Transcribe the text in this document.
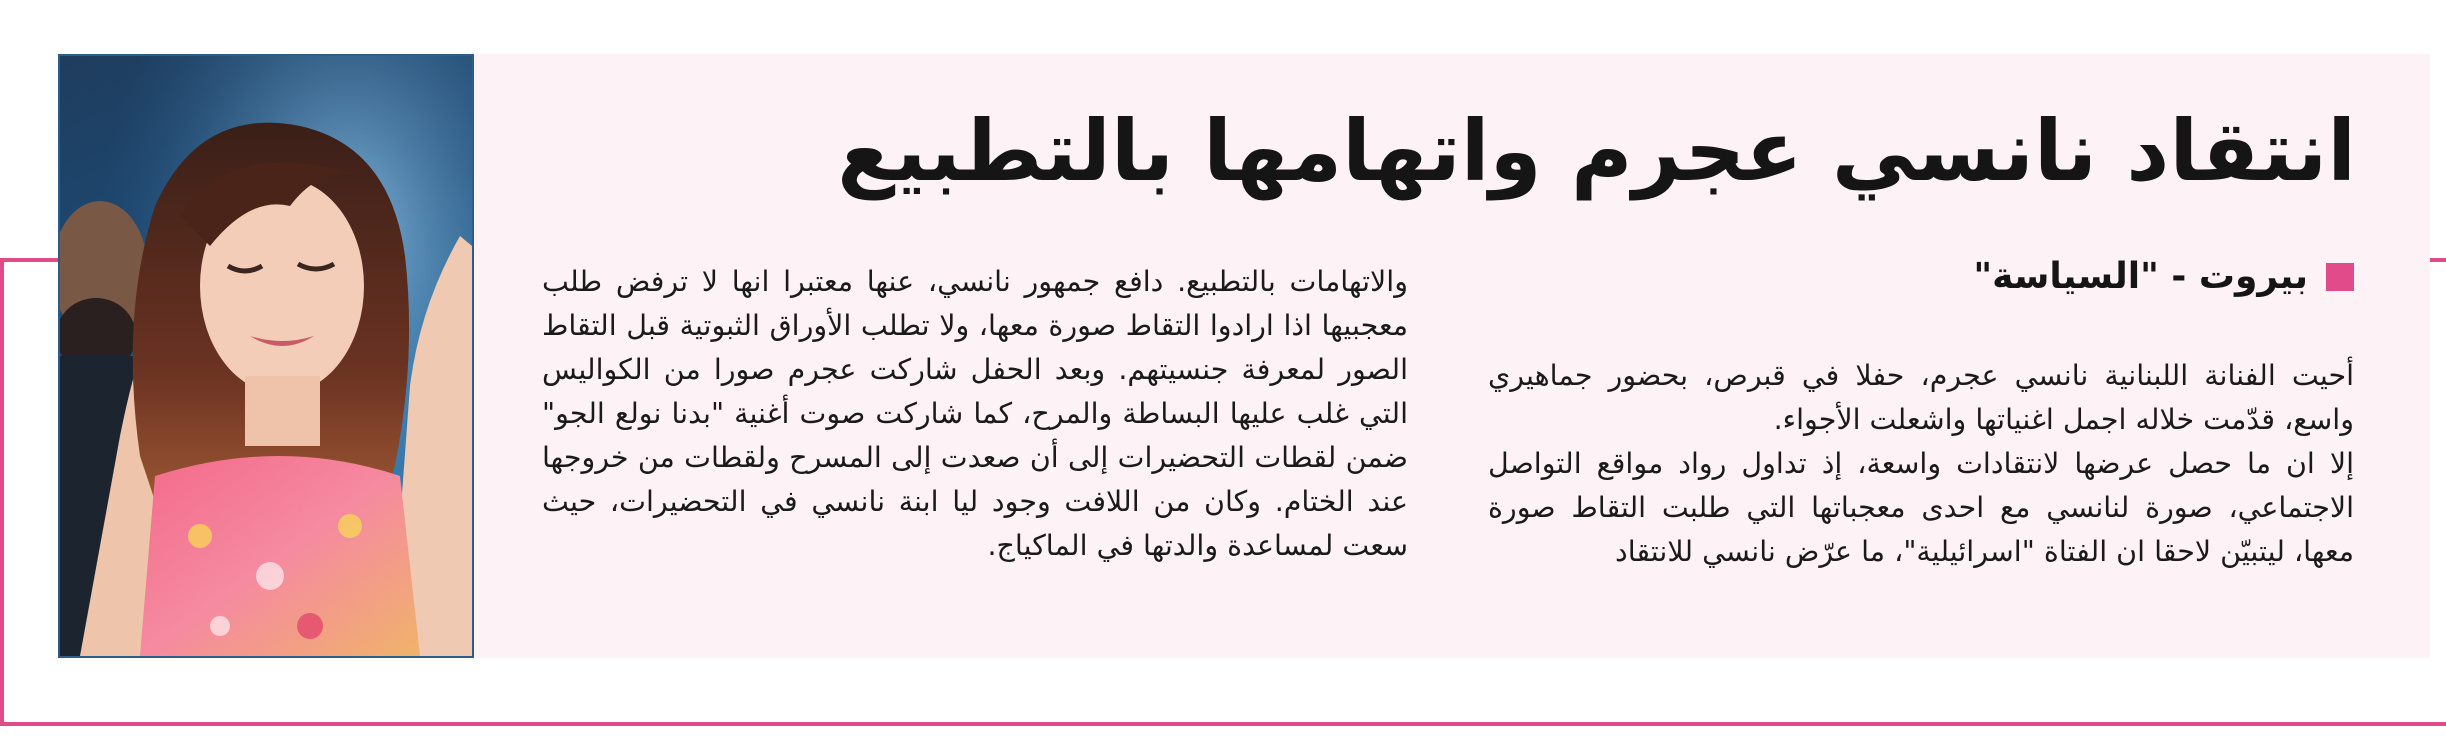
انتقاد نانسي عجرم واتهامها بالتطبيع
بيروت - "السياسة"

أحيت الفنانة اللبنانية نانسي عجرم، حفلا في قبرص، بحضور جماهيري واسع، قدّمت خلاله اجمل اغنياتها واشعلت الأجواء.

إلا ان ما حصل عرضها لانتقادات واسعة، إذ تداول رواد مواقع التواصل الاجتماعي، صورة لنانسي مع احدى معجباتها التي طلبت التقاط صورة معها، ليتبيّن لاحقا ان الفتاة "اسرائيلية"، ما عرّض نانسي للانتقاد

والاتهامات بالتطبيع. دافع جمهور نانسي، عنها معتبرا انها لا ترفض طلب معجبيها اذا ارادوا التقاط صورة معها، ولا تطلب الأوراق الثبوتية قبل التقاط الصور لمعرفة جنسيتهم. وبعد الحفل شاركت عجرم صورا من الكواليس التي غلب عليها البساطة والمرح، كما شاركت صوت أغنية "بدنا نولع الجو" ضمن لقطات التحضيرات إلى أن صعدت إلى المسرح ولقطات من خروجها عند الختام. وكان من اللافت وجود ليا ابنة نانسي في التحضيرات، حيث سعت لمساعدة والدتها في الماكياج.
